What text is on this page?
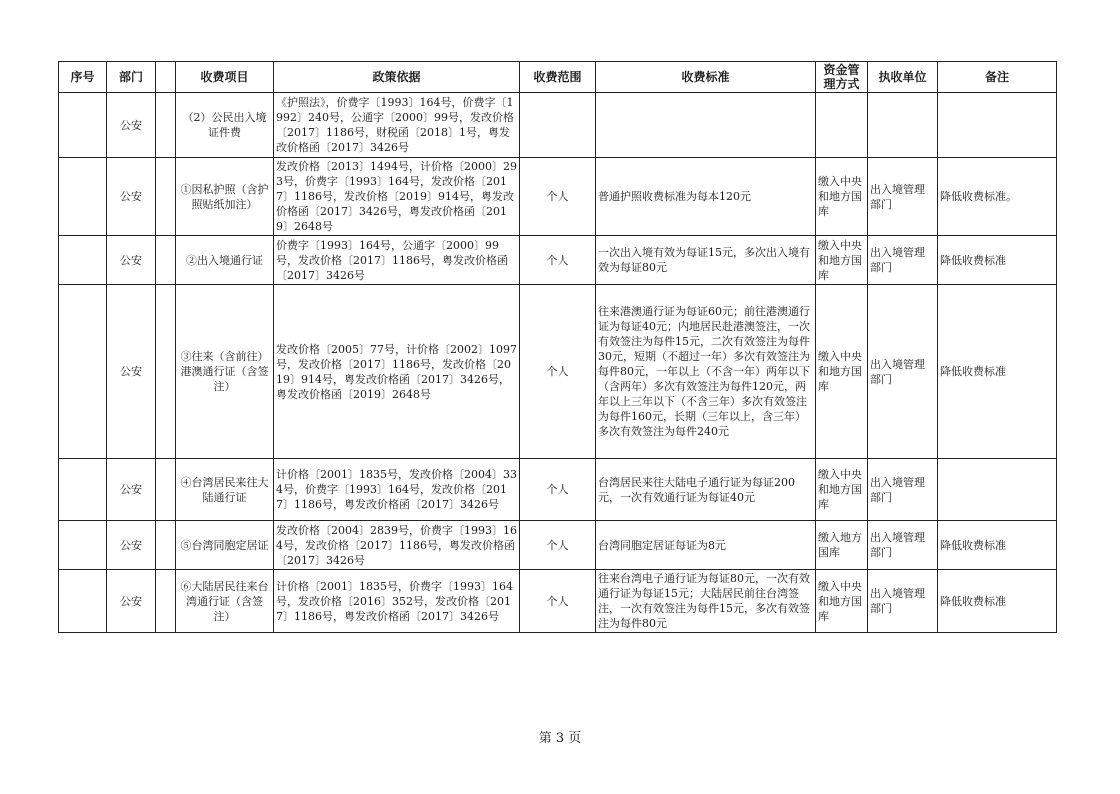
序号	部门		收费项目	政策依据	收费范围	收费标准	资金管理方式	执收单位	备注
	公安		（2）公民出入境证件费	《护照法》，价费字〔1993〕164号，价费字〔1992〕240号，公通字〔2000〕99号，发改价格〔2017〕1186号，财税函〔2018〕1号，粤发改价格函〔2017〕3426号					
	公安		①因私护照（含护照贴纸加注）	发改价格〔2013〕1494号，计价格〔2000〕293号，价费字〔1993〕164号，发改价格〔2017〕1186号，发改价格〔2019〕914号，粤发改价格函〔2017〕3426号，粤发改价格函〔2019〕2648号	个人	普通护照收费标准为每本120元	缴入中央和地方国库	出入境管理部门	降低收费标准。
	公安		②出入境通行证	价费字〔1993〕164号，公通字〔2000〕99号，发改价格〔2017〕1186号，粤发改价格函〔2017〕3426号	个人	一次出入境有效为每证15元，多次出入境有效为每证80元	缴入中央和地方国库	出入境管理部门	降低收费标准
	公安		③往来（含前往）港澳通行证（含签注）	发改价格〔2005〕77号，计价格〔2002〕1097号，发改价格〔2017〕1186号，发改价格〔2019〕914号，粤发改价格函〔2017〕3426号，粤发改价格函〔2019〕2648号	个人	往来港澳通行证为每证60元；前往港澳通行证为每证40元；内地居民赴港澳签注，一次有效签注为每件15元，二次有效签注为每件30元，短期（不超过一年）多次有效签注为每件80元，一年以上（不含一年）两年以下（含两年）多次有效签注为每件120元，两年以上三年以下（不含三年）多次有效签注为每件160元，长期（三年以上，含三年）多次有效签注为每件240元	缴入中央和地方国库	出入境管理部门	降低收费标准
	公安		④台湾居民来往大陆通行证	计价格〔2001〕1835号，发改价格〔2004〕334号，价费字〔1993〕164号，发改价格〔2017〕1186号，粤发改价格函〔2017〕3426号	个人	台湾居民来往大陆电子通行证为每证200元，一次有效通行证为每证40元	缴入中央和地方国库	出入境管理部门	
	公安		⑤台湾同胞定居证	发改价格〔2004〕2839号，价费字〔1993〕164号，发改价格〔2017〕1186号，粤发改价格函〔2017〕3426号	个人	台湾同胞定居证每证为8元	缴入地方国库	出入境管理部门	降低收费标准
	公安		⑥大陆居民往来台湾通行证（含签注）	计价格〔2001〕1835号，价费字〔1993〕164号，发改价格〔2016〕352号，发改价格〔2017〕1186号，粤发改价格函〔2017〕3426号	个人	往来台湾电子通行证为每证80元，一次有效通行证为每证15元；大陆居民前往台湾签注，一次有效签注为每件15元，多次有效签注为每件80元	缴入中央和地方国库	出入境管理部门	降低收费标准
第 3 页
